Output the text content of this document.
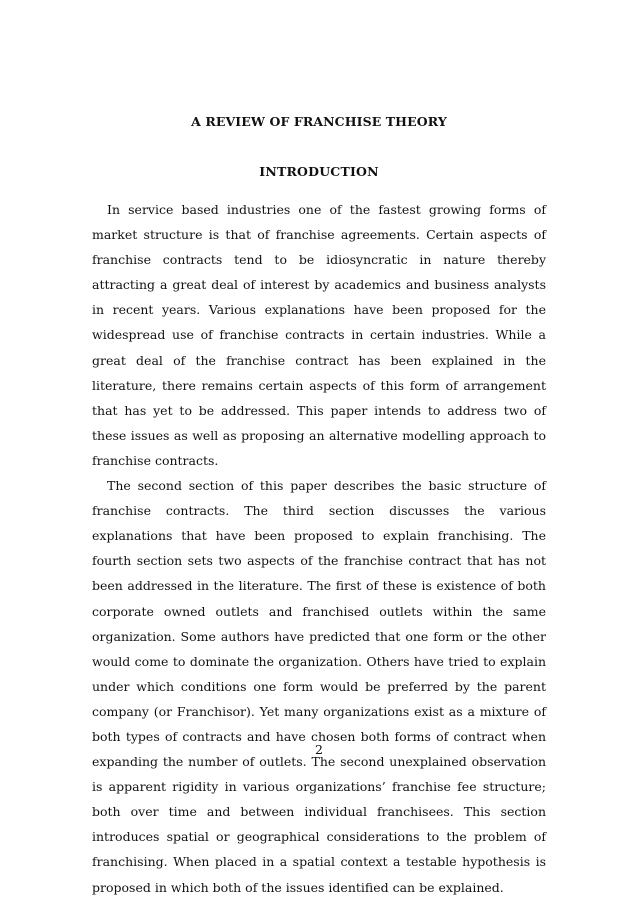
A REVIEW OF FRANCHISE THEORY
INTRODUCTION

In service based industries one of the fastest growing forms of market structure is that of franchise agreements. Certain aspects of franchise contracts tend to be idiosyncratic in nature thereby attracting a great deal of interest by academics and business analysts in recent years. Various explanations have been proposed for the widespread use of franchise contracts in certain industries. While a great deal of the franchise contract has been explained in the literature, there remains certain aspects of this form of arrangement that has yet to be addressed. This paper intends to address two of these issues as well as proposing an alternative modelling approach to franchise contracts.

The second section of this paper describes the basic structure of franchise contracts. The third section discusses the various explanations that have been proposed to explain franchising. The fourth section sets two aspects of the franchise contract that has not been addressed in the literature. The first of these is existence of both corporate owned outlets and franchised outlets within the same organization. Some authors have predicted that one form or the other would come to dominate the organization. Others have tried to explain under which conditions one form would be preferred by the parent company (or Franchisor). Yet many organizations exist as a mixture of both types of contracts and have chosen both forms of contract when expanding the number of outlets. The second unexplained observation is apparent rigidity in various organizations’ franchise fee structure; both over time and between individual franchisees. This section introduces spatial or geographical considerations to the problem of franchising. When placed in a spatial context a testable hypothesis is proposed in which both of the issues identified can be explained.

2
